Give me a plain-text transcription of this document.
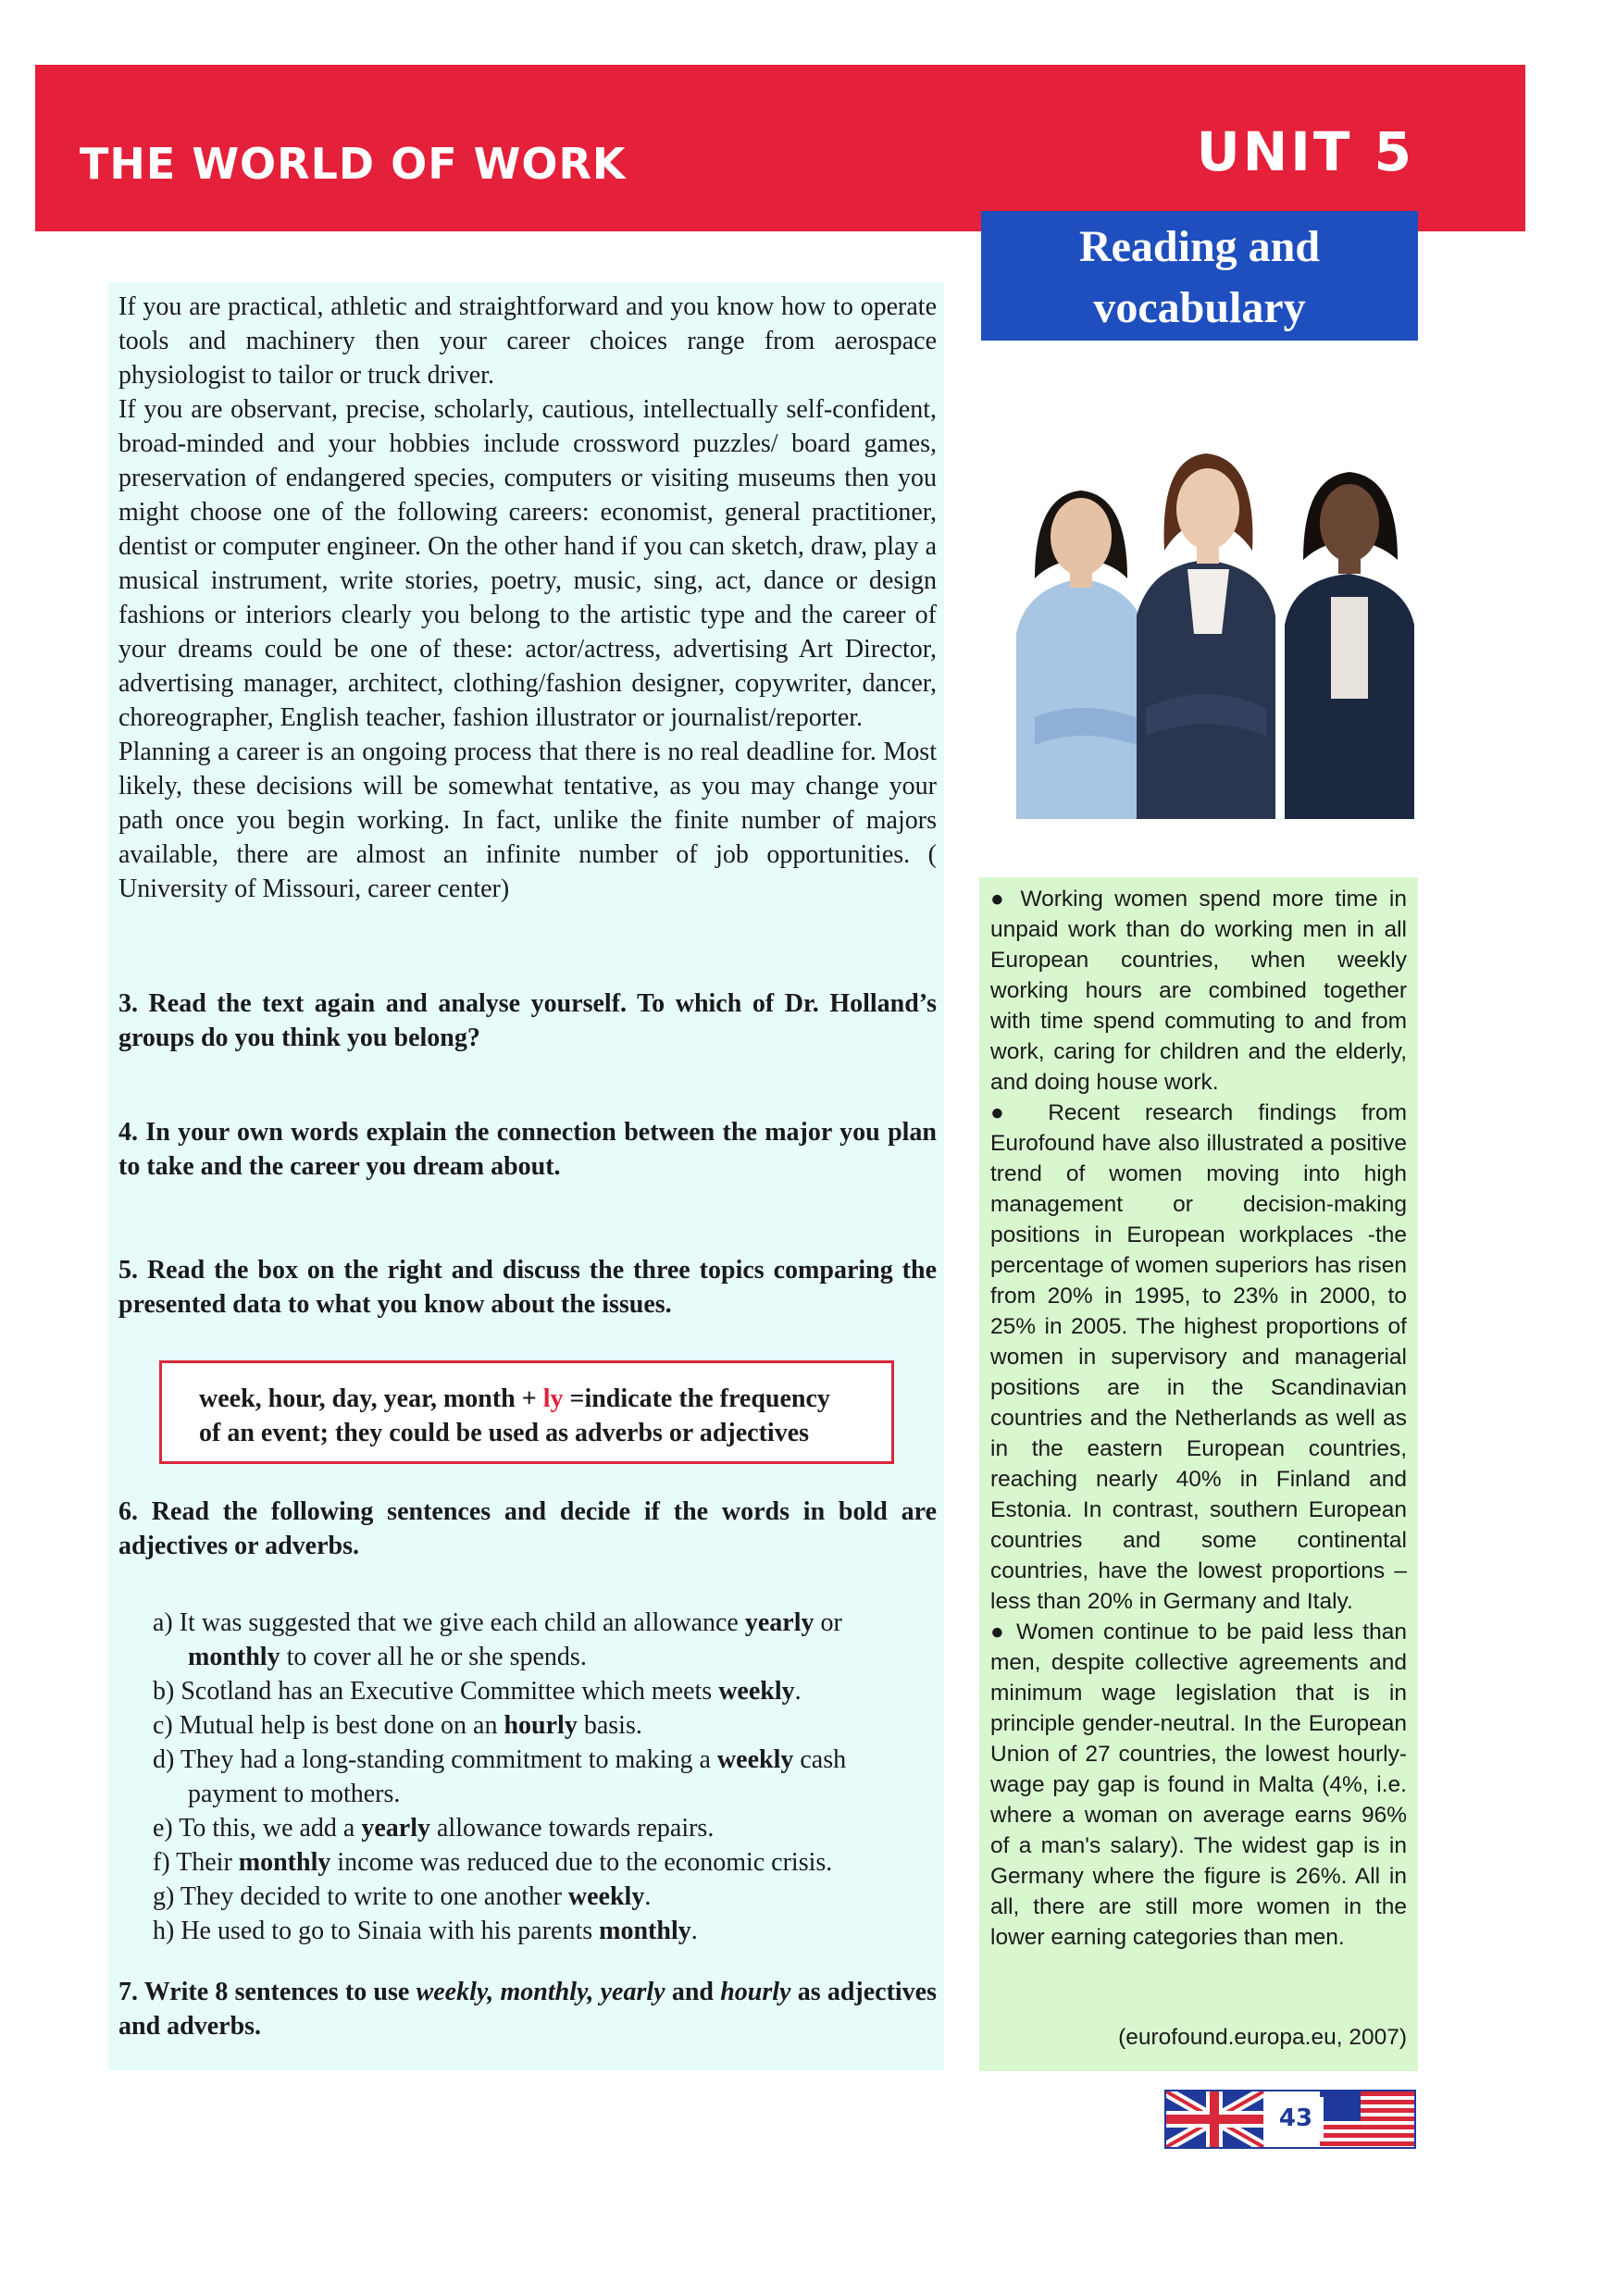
THE WORLD OF WORK	UNIT 5
Reading and
vocabulary

If you are practical, athletic and straightforward and you know how to operate tools and machinery then your career choices range from aerospace physiologist to tailor or truck driver.

If you are observant, precise, scholarly, cautious, intellectually self-confident, broad-minded and your hobbies include crossword puzzles/ board games, preservation of endangered species, computers or visiting museums then you might choose one of the following careers: economist, general practitioner, dentist or computer engineer. On the other hand if you can sketch, draw, play a musical instrument, write stories, poetry, music, sing, act, dance or design fashions or interiors clearly you belong to the artistic type and the career of your dreams could be one of these: actor/actress, advertising Art Director, advertising manager, architect, clothing/fashion designer, copywriter, dancer, choreographer, English teacher, fashion illustrator or journalist/reporter.

Planning a career is an ongoing process that there is no real deadline for. Most likely, these decisions will be somewhat tentative, as you may change your path once you begin working. In fact, unlike the finite number of majors available, there are almost an infinite number of job opportunities. ( University of Missouri, career center)

3. Read the text again and analyse yourself. To which of Dr. Holland’s groups do you think you belong?
4. In your own words explain the connection between the major you plan to take and the career you dream about.
5. Read the box on the right and discuss the three topics comparing the presented data to what you know about the issues.
week, hour, day, year, month + ly =indicate the frequency
of an event; they could be used as adverbs or adjectives
6. Read the following sentences and decide if the words in bold are adjectives or adverbs.
a) It was suggested that we give each child an allowance yearly or monthly to cover all he or she spends.
b) Scotland has an Executive Committee which meets weekly.
c) Mutual help is best done on an hourly basis.
d) They had a long-standing commitment to making a weekly cash payment to mothers.
e) To this, we add a yearly allowance towards repairs.
f) Their monthly income was reduced due to the economic crisis.
g) They decided to write to one another weekly.
h) He used to go to Sinaia with his parents monthly.
7. Write 8 sentences to use weekly, monthly, yearly and hourly as adjectives and adverbs.

● Working women spend more time in unpaid work than do working men in all European countries, when weekly working hours are combined together with time spend commuting to and from work, caring for children and the elderly, and doing house work.

● Recent research findings from Eurofound have also illustrated a positive trend of women moving into high management or decision-making positions in European workplaces -the percentage of women superiors has risen from 20% in 1995, to 23% in 2000, to 25% in 2005. The highest proportions of women in supervisory and managerial positions are in the Scandinavian countries and the Netherlands as well as in the eastern European countries, reaching nearly 40% in Finland and Estonia. In contrast, southern European countries and some continental countries, have the lowest proportions – less than 20% in Germany and Italy.

● Women continue to be paid less than men, despite collective agreements and minimum wage legislation that is in principle gender-neutral. In the European Union of 27 countries, the lowest hourly-wage pay gap is found in Malta (4%, i.e. where a woman on average earns 96% of a man's salary). The widest gap is in Germany where the figure is 26%. All in all, there are still more women in the lower earning categories than men.

(eurofound.europa.eu, 2007)
43
